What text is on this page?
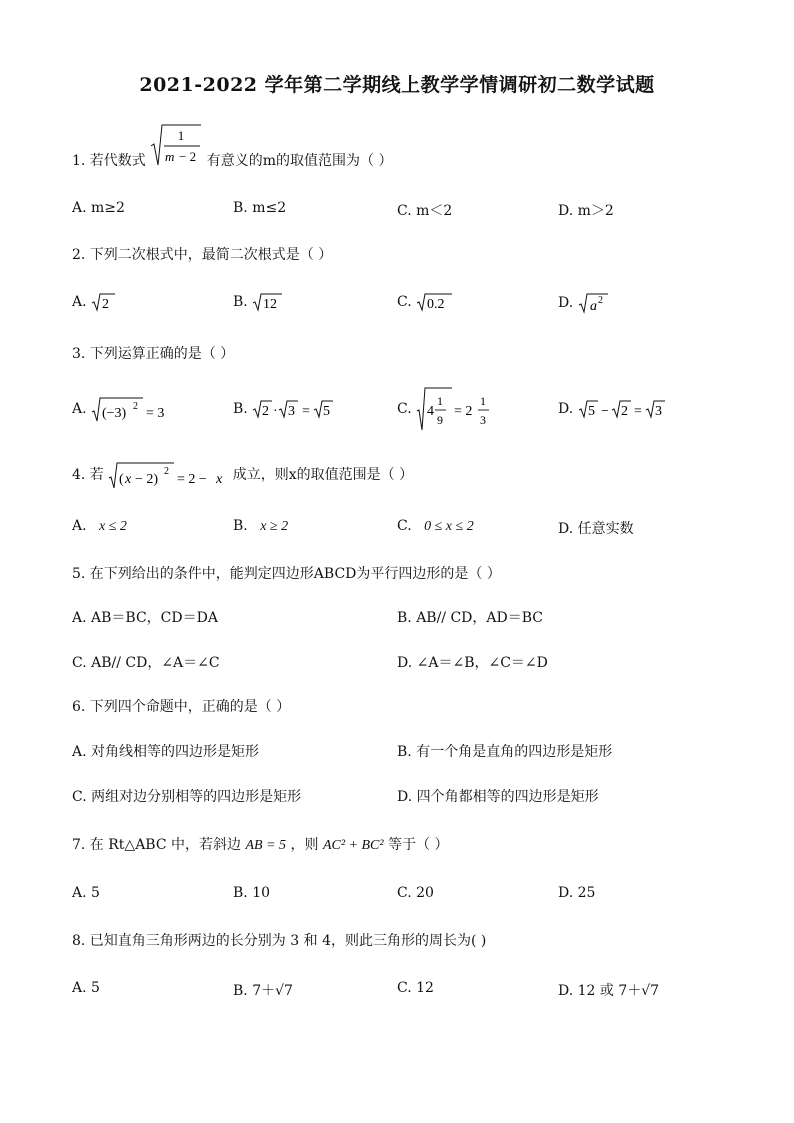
2021-2022 学年第二学期线上教学学情调研初二数学试题
1. 若代数式
1
m − 2 有意义的m的取值范围为（ ）
A. m≥2	B. m≤2	C. m＜2	D. m＞2
2. 下列二次根式中，最简二次根式是（ ）
A. 2	B. 12	C. 0.2	D. a 2
3. 下列运算正确的是（ ）
A. (−3) 2 = 3	B. 2 · 3 = 5	C. 4
1
9
= 2
1
3
D. 5 − 2 = 3
4. 若 ( x − 2)
2
= 2 − x 成立，则x的取值范围是（ ）
A. x ≤ 2	B. x ≥ 2	C. 0 ≤ x ≤ 2	D. 任意实数
5. 在下列给出的条件中，能判定四边形ABCD为平行四边形的是（ ）
A. AB＝BC，CD＝DA	B. AB// CD，AD＝BC
C. AB// CD，∠A＝∠C	D. ∠A＝∠B，∠C＝∠D
6. 下列四个命题中，正确的是（ ）
A. 对角线相等的四边形是矩形	B. 有一个角是直角的四边形是矩形
C. 两组对边分别相等的四边形是矩形	D. 四个角都相等的四边形是矩形
7. 在 Rt△ABC 中，若斜边 AB = 5 ，则 AC² + BC² 等于（ ）
A. 5	B. 10	C. 20	D. 25
8. 已知直角三角形两边的长分别为 3 和 4，则此三角形的周长为( )
A. 5	B. 7＋√7	C. 12	D. 12 或 7＋√7
